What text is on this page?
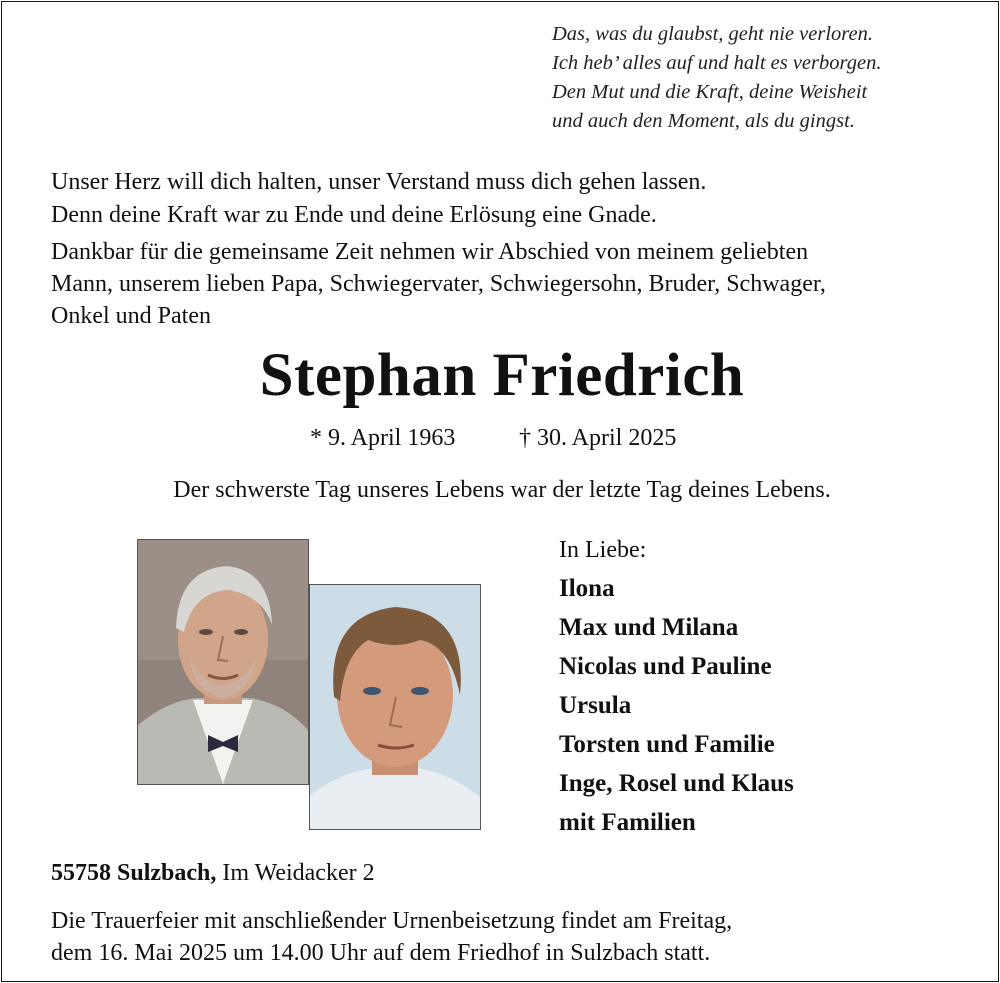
Das, was du glaubst, geht nie verloren.
Ich heb’ alles auf und halt es verborgen.
Den Mut und die Kraft, deine Weisheit
und auch den Moment, als du gingst.
Unser Herz will dich halten, unser Verstand muss dich gehen lassen.
Denn deine Kraft war zu Ende und deine Erlösung eine Gnade.
Dankbar für die gemeinsame Zeit nehmen wir Abschied von meinem geliebten
Mann, unserem lieben Papa, Schwiegervater, Schwiegersohn, Bruder, Schwager,
Onkel und Paten
Stephan Friedrich
* 9. April 1963	† 30. April 2025
Der schwerste Tag unseres Lebens war der letzte Tag deines Lebens.
In Liebe:
Ilona
Max und Milana
Nicolas und Pauline
Ursula
Torsten und Familie
Inge, Rosel und Klaus
mit Familien
55758 Sulzbach, Im Weidacker 2
Die Trauerfeier mit anschließender Urnenbeisetzung findet am Freitag,
dem 16. Mai 2025 um 14.00 Uhr auf dem Friedhof in Sulzbach statt.
